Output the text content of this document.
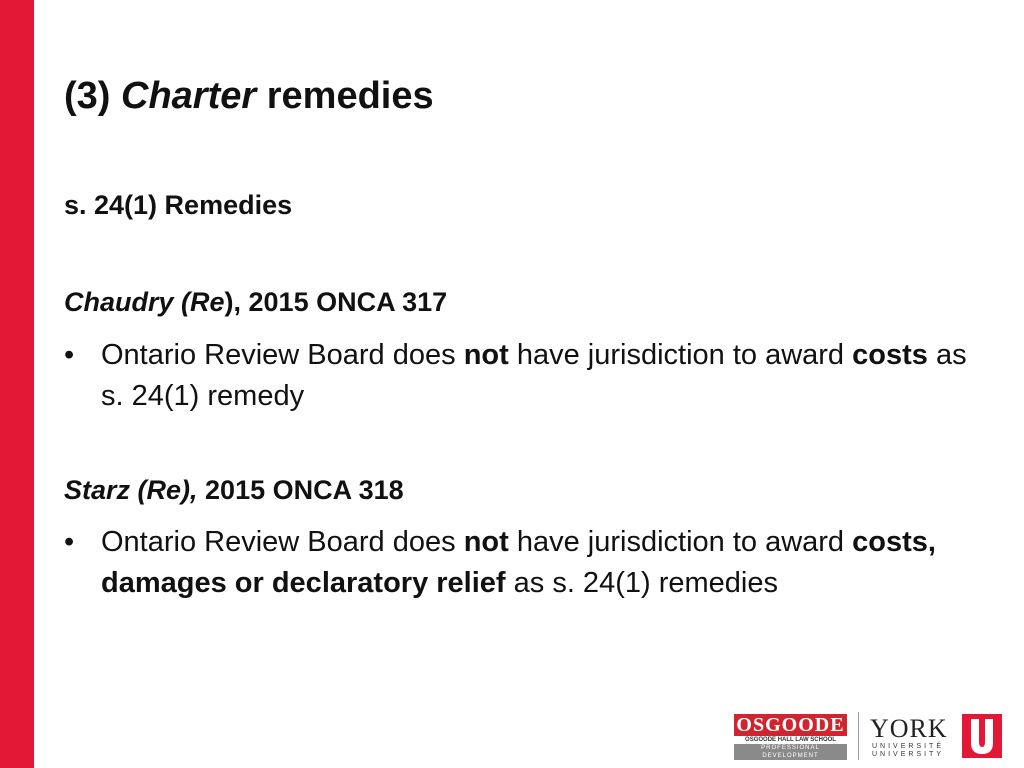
(3) Charter remedies
s. 24(1) Remedies
Chaudry (Re), 2015 ONCA 317
• Ontario Review Board does not have jurisdiction to award costs as s. 24(1) remedy
Starz (Re), 2015 ONCA 318
• Ontario Review Board does not have jurisdiction to award costs, damages or declaratory relief as s. 24(1) remedies
OSGOODE
OSGOODE HALL LAW SCHOOL
PROFESSIONAL
DEVELOPMENT
YORK
UNIVERSITÉ
UNIVERSITY
